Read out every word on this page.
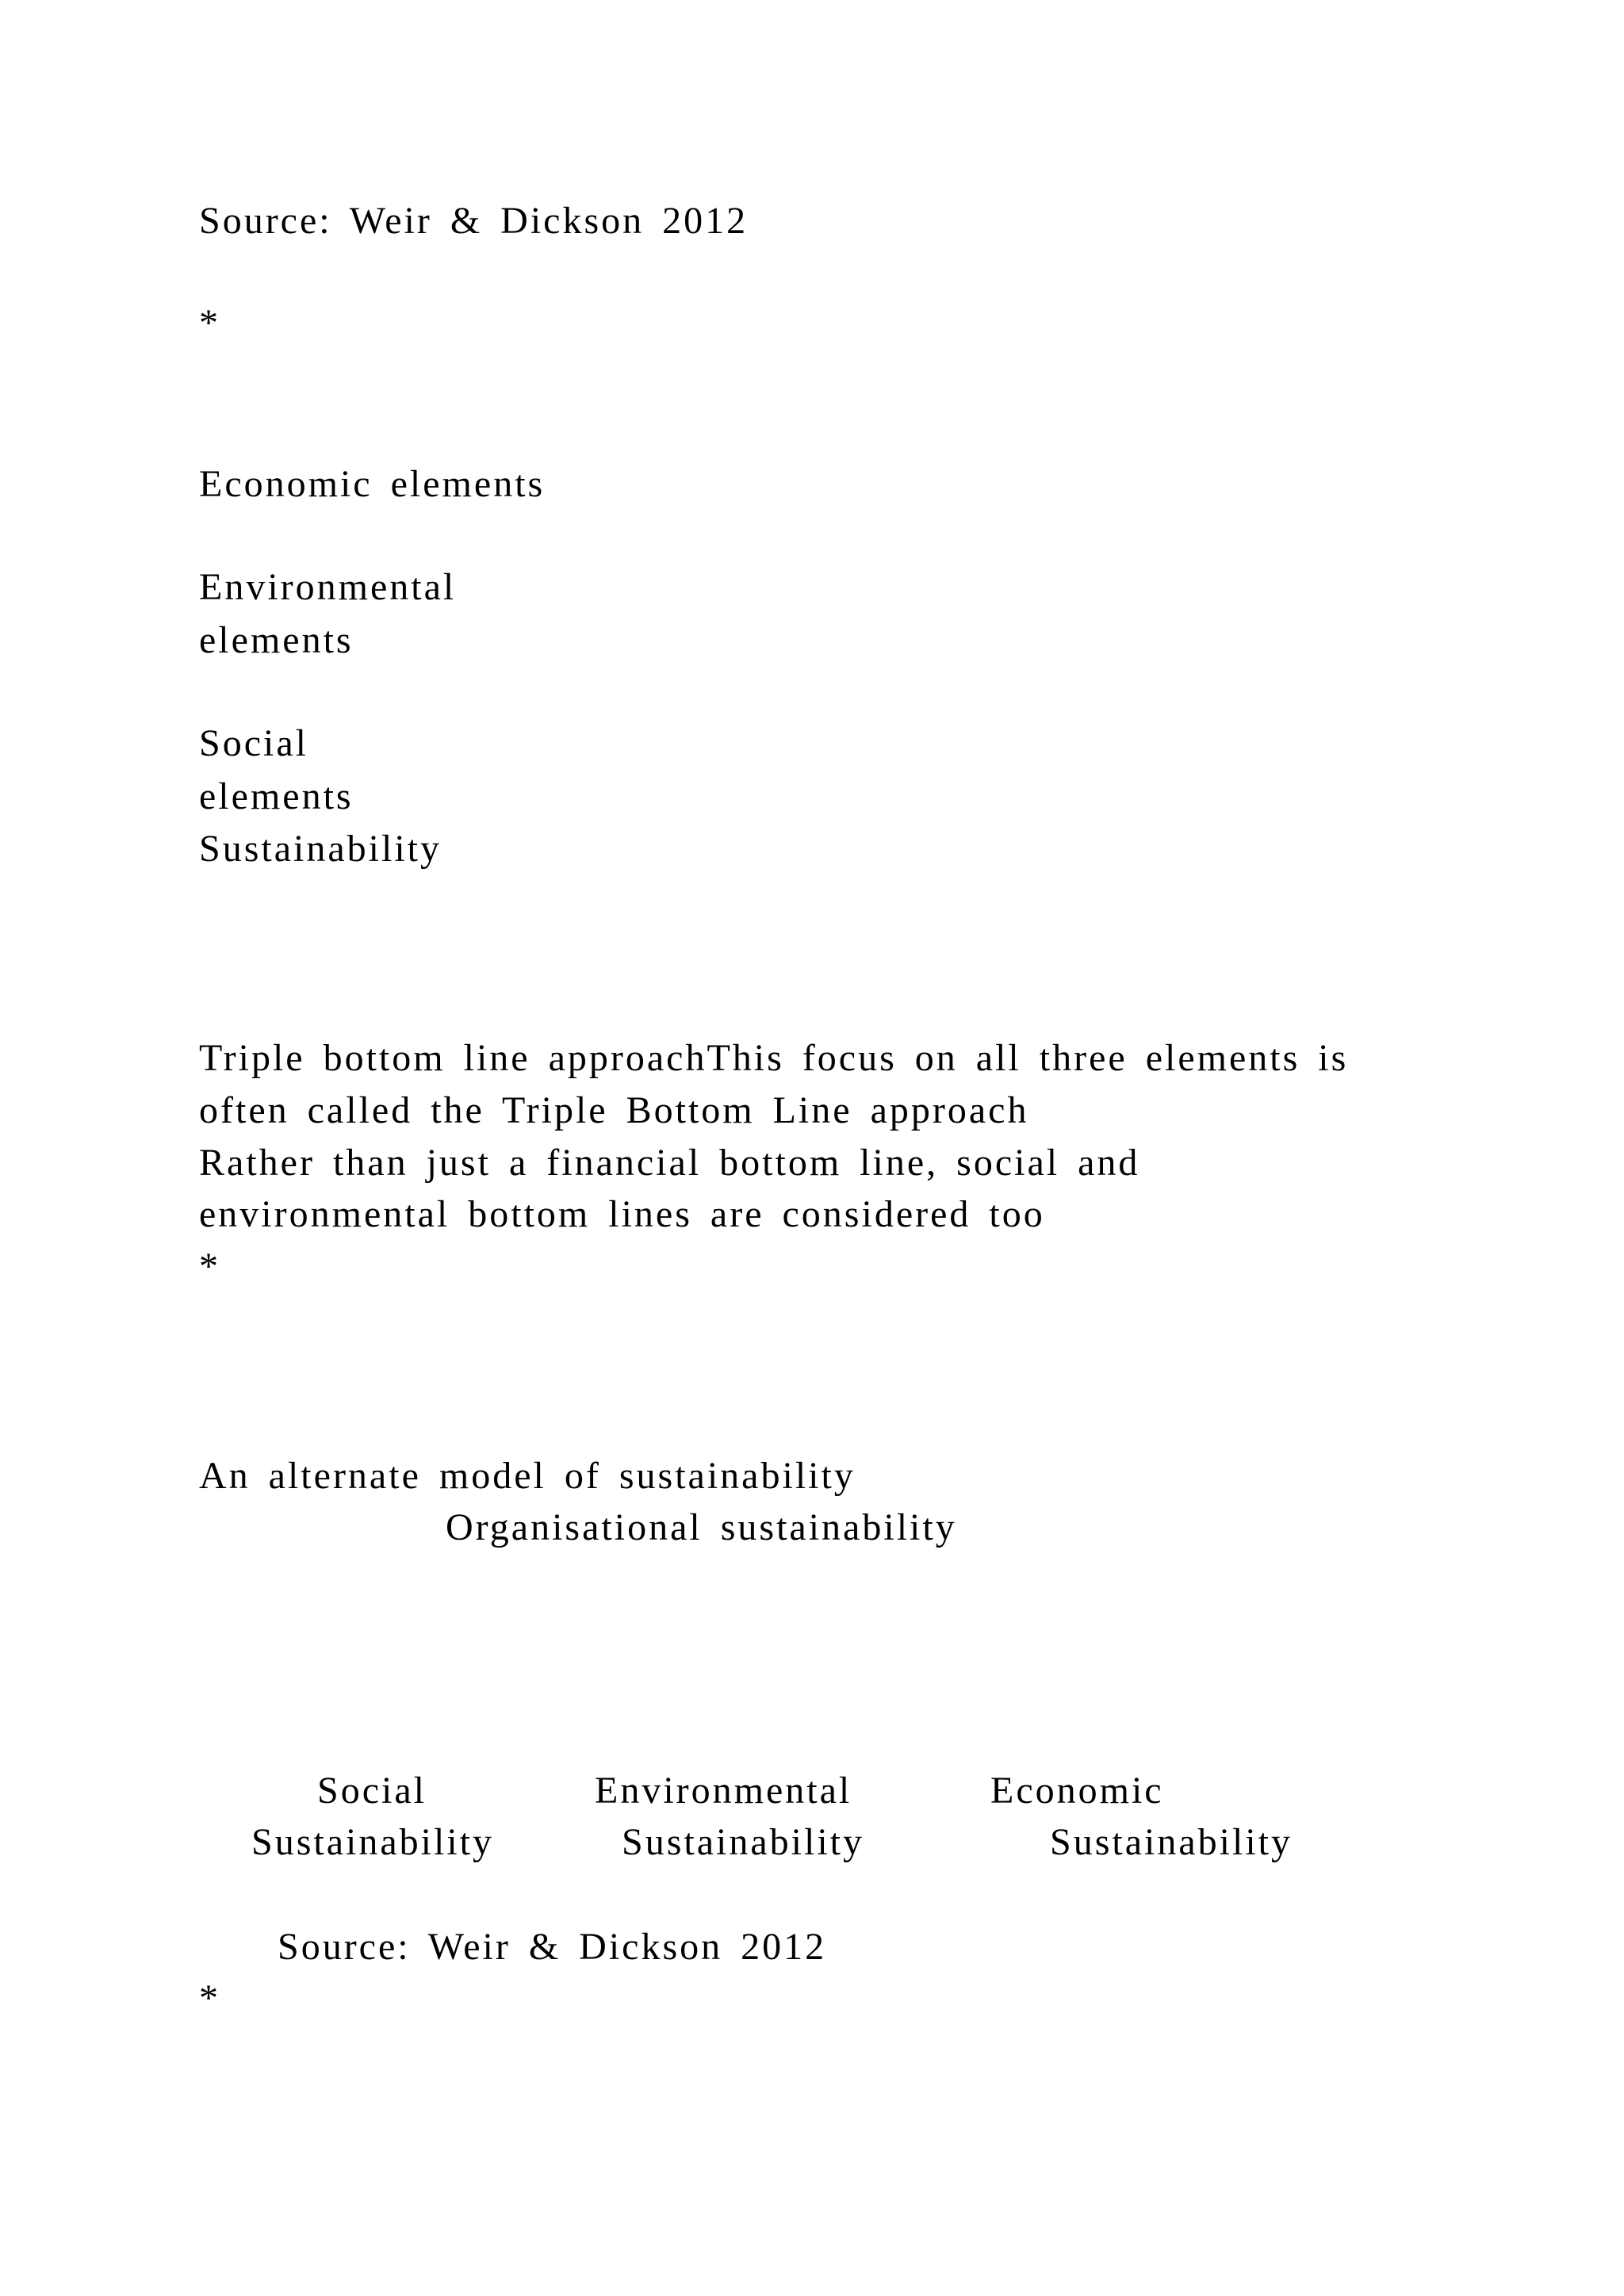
Source: Weir & Dickson 2012
*
Economic elements
Environmental
elements
Social
elements
Sustainability
Triple bottom line approachThis focus on all three elements is
often called the Triple Bottom Line approach
Rather than just a financial bottom line, social and
environmental bottom lines are considered too
*
An alternate model of sustainability
Organisational sustainability
Social	Environmental	Economic
Sustainability	Sustainability	Sustainability
Source: Weir & Dickson 2012
*
